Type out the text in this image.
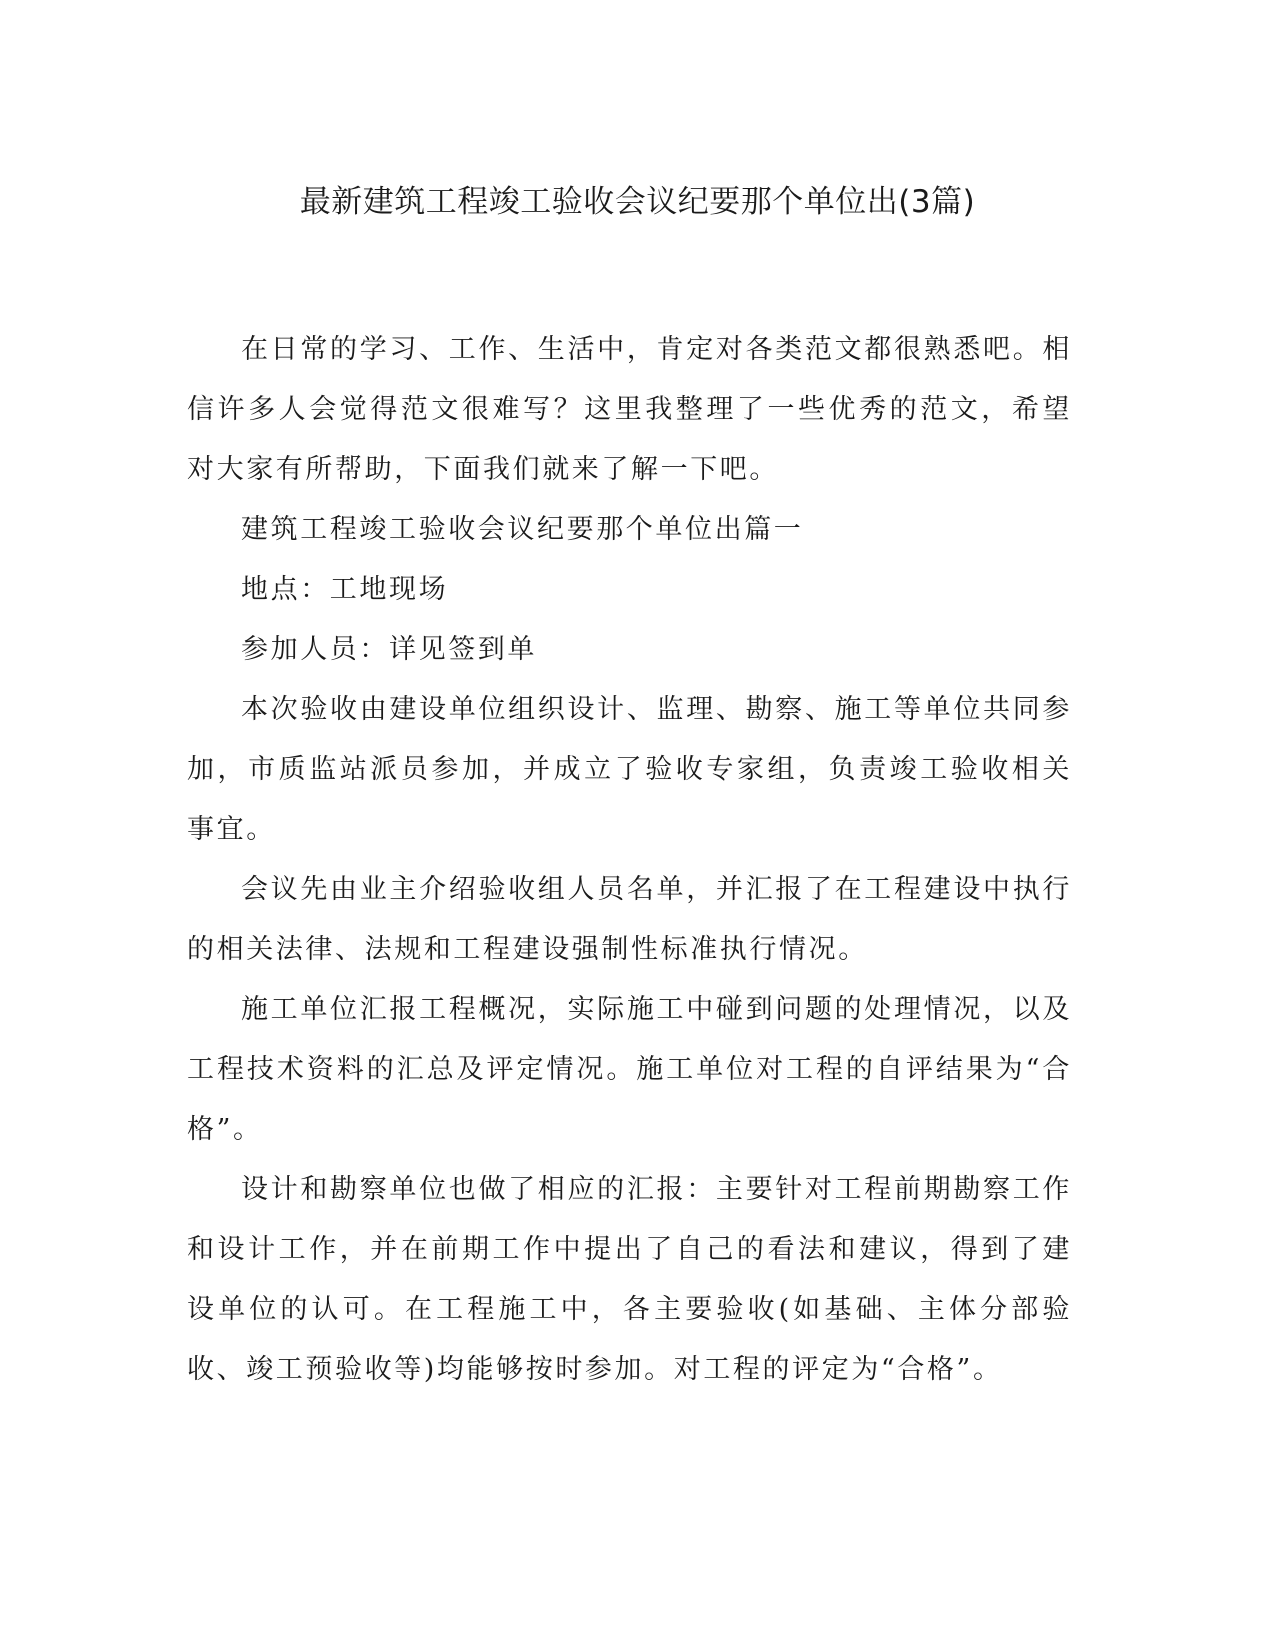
最新建筑工程竣工验收会议纪要那个单位出(3篇)

在日常的学习、工作、生活中，肯定对各类范文都很熟悉吧。相信许多人会觉得范文很难写？这里我整理了一些优秀的范文，希望对大家有所帮助，下面我们就来了解一下吧。

建筑工程竣工验收会议纪要那个单位出篇一

地点：工地现场

参加人员：详见签到单

本次验收由建设单位组织设计、监理、勘察、施工等单位共同参加，市质监站派员参加，并成立了验收专家组，负责竣工验收相关事宜。

会议先由业主介绍验收组人员名单，并汇报了在工程建设中执行的相关法律、法规和工程建设强制性标准执行情况。

施工单位汇报工程概况，实际施工中碰到问题的处理情况，以及工程技术资料的汇总及评定情况。施工单位对工程的自评结果为“合格”。

设计和勘察单位也做了相应的汇报：主要针对工程前期勘察工作和设计工作，并在前期工作中提出了自己的看法和建议，得到了建设单位的认可。在工程施工中，各主要验收(如基础、主体分部验收、竣工预验收等)均能够按时参加。对工程的评定为“合格”。
